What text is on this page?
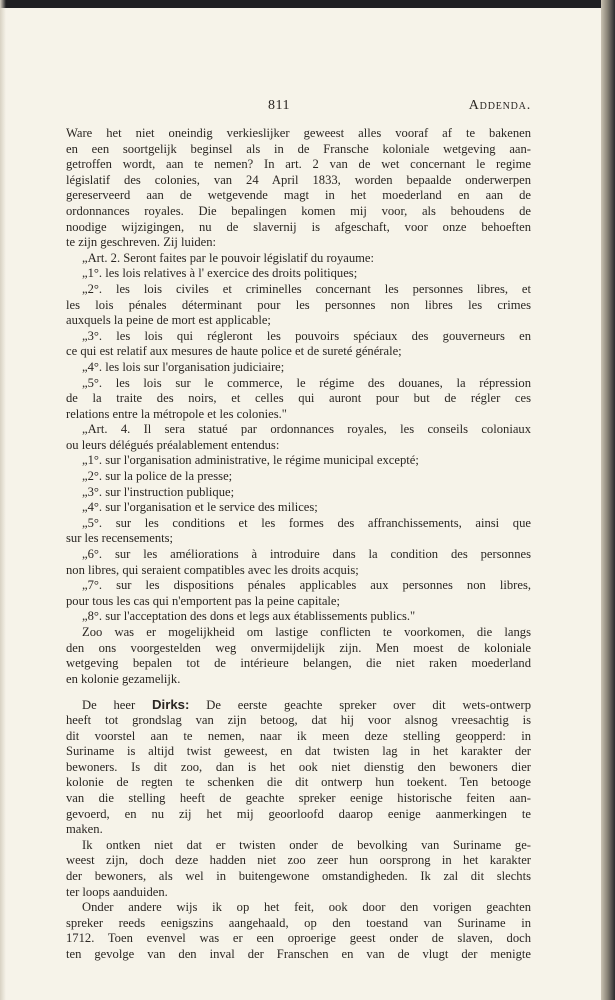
811	Addenda.
Ware het niet oneindig verkieslijker geweest alles vooraf af te bakenen
en een soortgelijk beginsel als in de Fransche koloniale wetgeving aan-
getroffen wordt, aan te nemen? In art. 2 van de wet concernant le regime
législatif des colonies, van 24 April 1833, worden bepaalde onderwerpen
gereserveerd aan de wetgevende magt in het moederland en aan de
ordonnances royales. Die bepalingen komen mij voor, als behoudens de
noodige wijzigingen, nu de slavernij is afgeschaft, voor onze behoeften
te zijn geschreven. Zij luiden:
„Art. 2. Seront faites par le pouvoir législatif du royaume:
„1°. les lois relatives à l' exercice des droits politiques;
„2°. les lois civiles et criminelles concernant les personnes libres, et
les lois pénales déterminant pour les personnes non libres les crimes
auxquels la peine de mort est applicable;
„3°. les lois qui régleront les pouvoirs spéciaux des gouverneurs en
ce qui est relatif aux mesures de haute police et de sureté générale;
„4°. les lois sur l'organisation judiciaire;
„5°. les lois sur le commerce, le régime des douanes, la répression
de la traite des noirs, et celles qui auront pour but de régler ces
relations entre la métropole et les colonies."
„Art. 4. Il sera statué par ordonnances royales, les conseils coloniaux
ou leurs délégués préalablement entendus:
„1°. sur l'organisation administrative, le régime municipal excepté;
„2°. sur la police de la presse;
„3°. sur l'instruction publique;
„4°. sur l'organisation et le service des milices;
„5°. sur les conditions et les formes des affranchissements, ainsi que
sur les recensements;
„6°. sur les améliorations à introduire dans la condition des personnes
non libres, qui seraient compatibles avec les droits acquis;
„7°. sur les dispositions pénales applicables aux personnes non libres,
pour tous les cas qui n'emportent pas la peine capitale;
„8°. sur l'acceptation des dons et legs aux établissements publics."
Zoo was er mogelijkheid om lastige conflicten te voorkomen, die langs
den ons voorgestelden weg onvermijdelijk zijn. Men moest de koloniale
wetgeving bepalen tot de intérieure belangen, die niet raken moederland
en kolonie gezamelijk.
De heer Dirks: De eerste geachte spreker over dit wets-ontwerp
heeft tot grondslag van zijn betoog, dat hij voor alsnog vreesachtig is
dit voorstel aan te nemen, naar ik meen deze stelling geopperd: in
Suriname is altijd twist geweest, en dat twisten lag in het karakter der
bewoners. Is dit zoo, dan is het ook niet dienstig den bewoners dier
kolonie de regten te schenken die dit ontwerp hun toekent. Ten betooge
van die stelling heeft de geachte spreker eenige historische feiten aan-
gevoerd, en nu zij het mij geoorloofd daarop eenige aanmerkingen te
maken.
Ik ontken niet dat er twisten onder de bevolking van Suriname ge-
weest zijn, doch deze hadden niet zoo zeer hun oorsprong in het karakter
der bewoners, als wel in buitengewone omstandigheden. Ik zal dit slechts
ter loops aanduiden.
Onder andere wijs ik op het feit, ook door den vorigen geachten
spreker reeds eenigszins aangehaald, op den toestand van Suriname in
1712. Toen evenvel was er een oproerige geest onder de slaven, doch
ten gevolge van den inval der Franschen en van de vlugt der menigte
